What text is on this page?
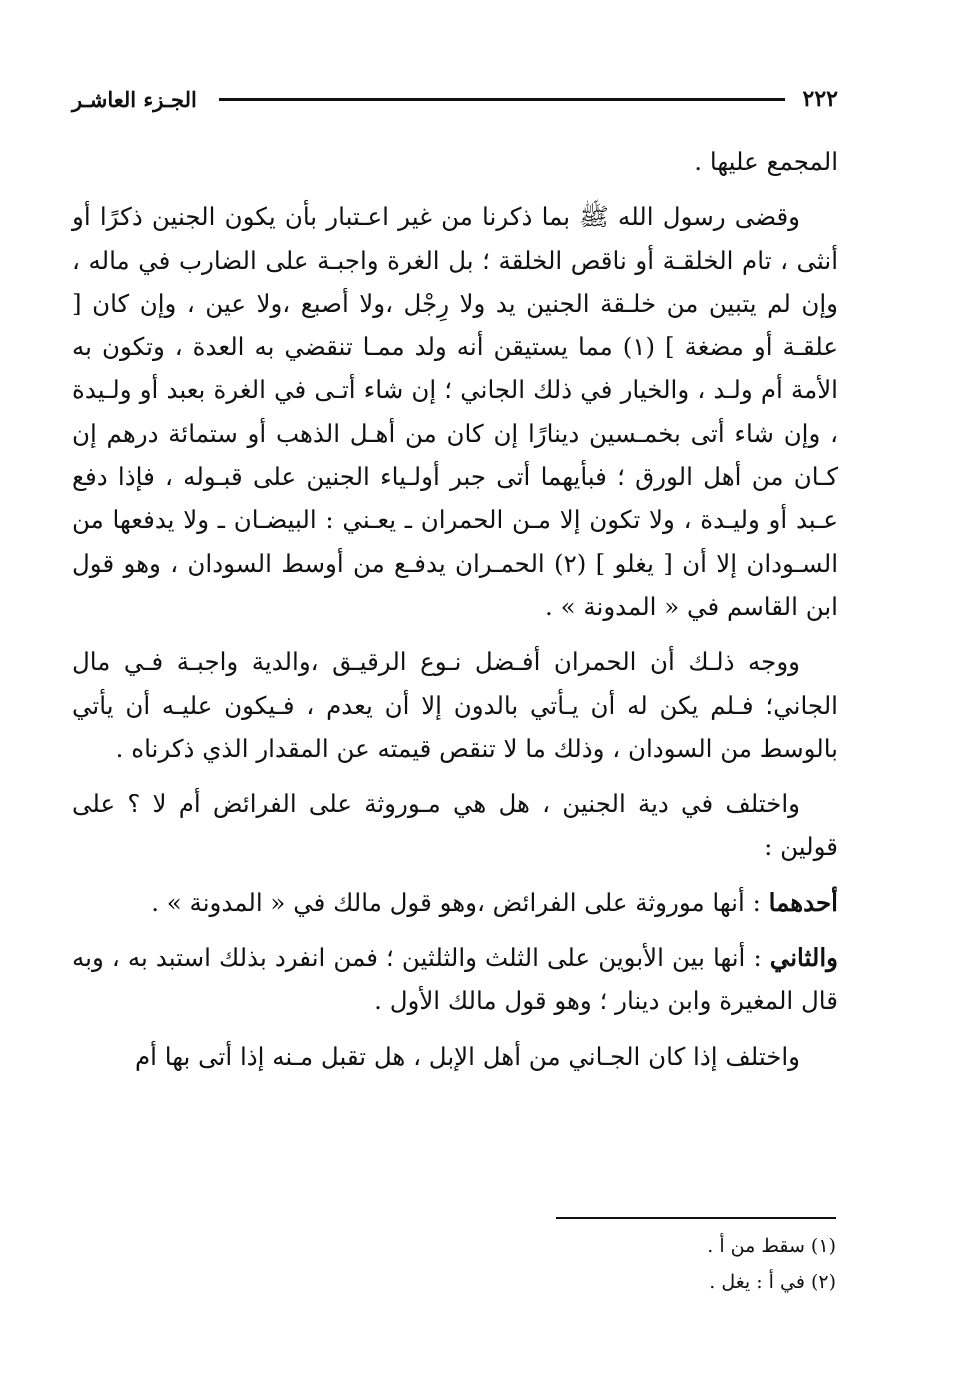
٢٢٢
الجـزء العاشـر

المجمع عليها .

وقضى رسول الله ﷺ بما ذكرنا من غير اعـتبار بأن يكون الجنين ذكرًا أو أنثى ، تام الخلقـة أو ناقص الخلقة ؛ بل الغرة واجبـة على الضارب في ماله ، وإن لم يتبين من خلـقة الجنين يد ولا رِجْل ،ولا أصبع ،ولا عين ، وإن كان [ علقـة أو مضغة ] (١) مما يستيقن أنه ولد ممـا تنقضي به العدة ، وتكون به الأمة أم ولـد ، والخيار في ذلك الجاني ؛ إن شاء أتـى في الغرة بعبد أو ولـيدة ، وإن شاء أتى بخمـسين دينارًا إن كان من أهـل الذهب أو ستمائة درهم إن كـان من أهل الورق ؛ فبأيهما أتى جبر أولـياء الجنين على قبـوله ، فإذا دفع عـبد أو وليـدة ، ولا تكون إلا مـن الحمران ـ يعـني : البيضـان ـ ولا يدفعها من السـودان إلا أن [ يغلو ] (٢) الحمـران يدفـع من أوسط السودان ، وهو قول ابن القاسم في « المدونة » .

ووجه ذلـك أن الحمران أفـضل نـوع الرقيـق ،والدية واجبـة فـي مال الجاني؛ فـلم يكن له أن يـأتي بالدون إلا أن يعدم ، فـيكون عليـه أن يأتي بالوسط من السودان ، وذلك ما لا تنقص قيمته عن المقدار الذي ذكرناه .

واختلف في دية الجنين ، هل هي مـوروثة على الفرائض أم لا ؟ على قولين :

أحدهما : أنها موروثة على الفرائض ،وهو قول مالك في « المدونة » .

والثاني : أنها بين الأبوين على الثلث والثلثين ؛ فمن انفرد بذلك استبد به ، وبه قال المغيرة وابن دينار ؛ وهو قول مالك الأول .

واختلف إذا كان الجـاني من أهل الإبل ، هل تقبل مـنه إذا أتى بها أم

(١) سقط من أ .

(٢) في أ : يغل .
